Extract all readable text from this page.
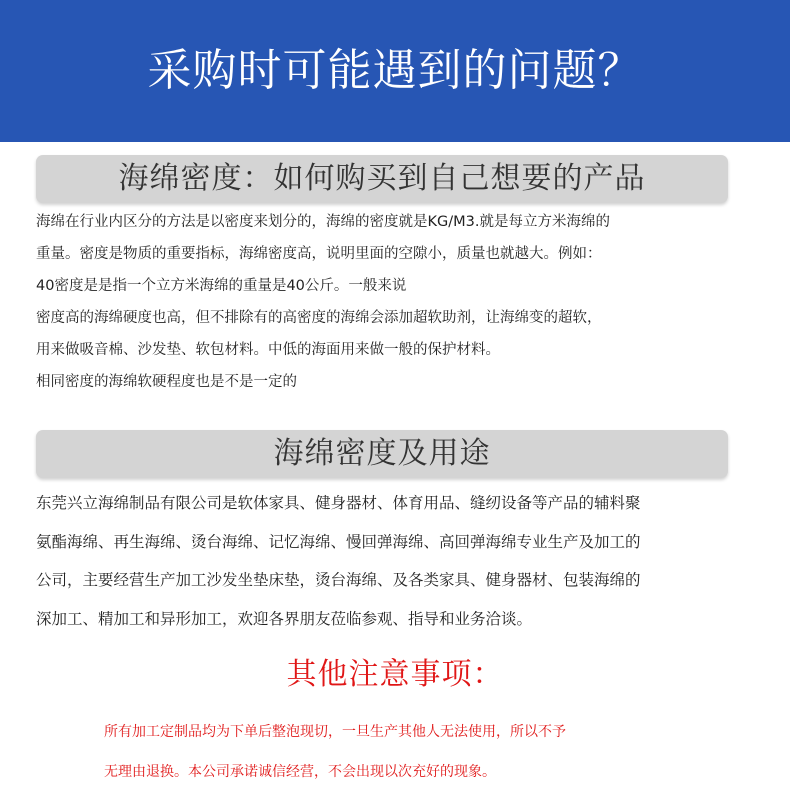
采购时可能遇到的问题？
海绵密度：如何购买到自己想要的产品

海绵在行业内区分的方法是以密度来划分的，海绵的密度就是KG/M3.就是每立方米海绵的

重量。密度是物质的重要指标，海绵密度高，说明里面的空隙小，质量也就越大。例如：

40密度是是指一个立方米海绵的重量是40公斤。一般来说

密度高的海绵硬度也高，但不排除有的高密度的海绵会添加超软助剂，让海绵变的超软，

用来做吸音棉、沙发垫、软包材料。中低的海面用来做一般的保护材料。

相同密度的海绵软硬程度也是不是一定的

海绵密度及用途

东莞兴立海绵制品有限公司是软体家具、健身器材、体育用品、缝纫设备等产品的辅料聚

氨酯海绵、再生海绵、烫台海绵、记忆海绵、慢回弹海绵、高回弹海绵专业生产及加工的

公司，主要经营生产加工沙发坐垫床垫，烫台海绵、及各类家具、健身器材、包装海绵的

深加工、精加工和异形加工，欢迎各界朋友莅临参观、指导和业务洽谈。

其他注意事项：

所有加工定制品均为下单后整泡现切，一旦生产其他人无法使用，所以不予

无理由退换。本公司承诺诚信经营，不会出现以次充好的现象。
